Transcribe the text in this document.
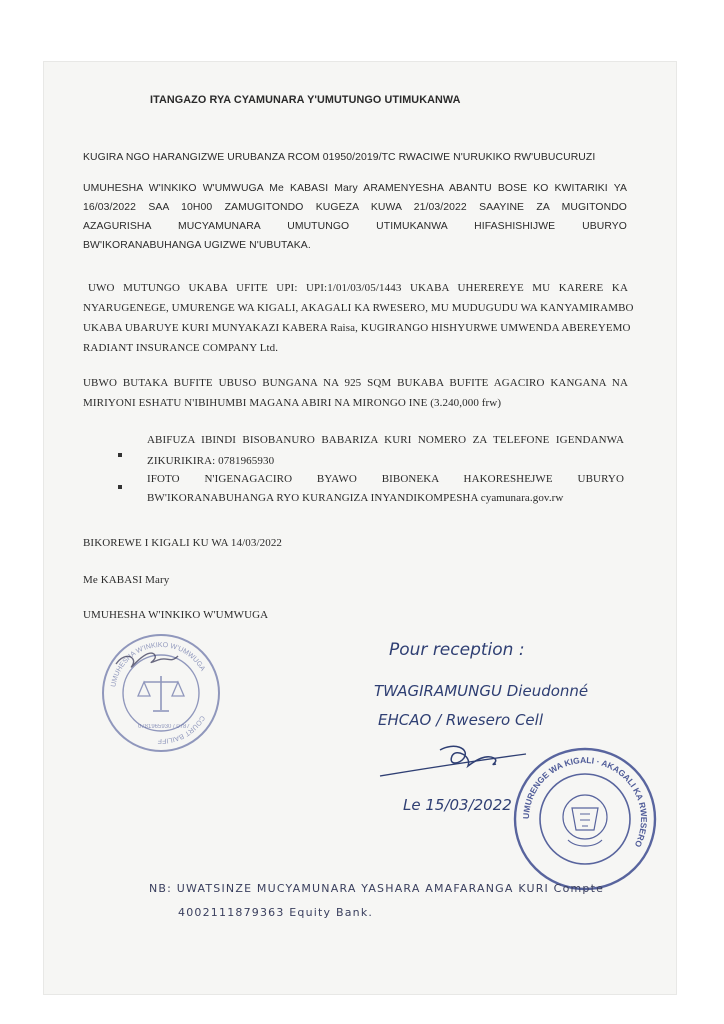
ITANGAZO RYA CYAMUNARA Y'UMUTUNGO UTIMUKANWA
KUGIRA NGO HARANGIZWE URUBANZA RCOM 01950/2019/TC RWACIWE N'URUKIKO RW'UBUCURUZI
UMUHESHA W'INKIKO W'UMWUGA Me KABASI Mary ARAMENYESHA ABANTU BOSE KO KWITARIKI YA
16/03/2022 SAA 10H00 ZAMUGITONDO KUGEZA KUWA 21/03/2022 SAAYINE ZA MUGITONDO
AZAGURISHA MUCYAMUNARA UMUTUNGO UTIMUKANWA HIFASHISHIJWE UBURYO
BW'IKORANABUHANGA UGIZWE N'UBUTAKA.
UWO MUTUNGO UKABA UFITE UPI: UPI:1/01/03/05/1443 UKABA UHEREREYE MU KARERE KA
NYARUGENEGE, UMURENGE WA KIGALI, AKAGALI KA RWESERO, MU MUDUGUDU WA KANYAMIRAMBO
UKABA UBARUYE KURI MUNYAKAZI KABERA Raisa, KUGIRANGO HISHYURWE UMWENDA ABEREYEMO
RADIANT INSURANCE COMPANY Ltd.
UBWO BUTAKA BUFITE UBUSO BUNGANA NA 925 SQM BUKABA BUFITE AGACIRO KANGANA NA
MIRIYONI ESHATU N'IBIHUMBI MAGANA ABIRI NA MIRONGO INE (3.240,000 frw)
ABIFUZA IBINDI BISOBANURO BABARIZA KURI NOMERO ZA TELEFONE IGENDANWA
ZIKURIKIRA: 0781965930
IFOTO N'IGENAGACIRO BYAWO BIBONEKA HAKORESHEJWE UBURYO
BW'IKORANABUHANGA RYO KURANGIZA INYANDIKOMPESHA cyamunara.gov.rw
BIKOREWE I KIGALI KU WA 14/03/2022
Me KABASI Mary
UMUHESHA W'INKIKO W'UMWUGA
UMUHESHA W'INKIKO W'UMWUGA
COURT BAILIFF
0781965930 / 0787
Pour reception :
TWAGIRAMUNGU Dieudonné
EHCAO / Rwesero Cell
Le 15/03/2022
UMURENGE WA KIGALI · AKAGALI KA RWESERO
NB: UWATSINZE MUCYAMUNARA YASHARA AMAFARANGA KURI Compte
4002111879363 Equity Bank.
